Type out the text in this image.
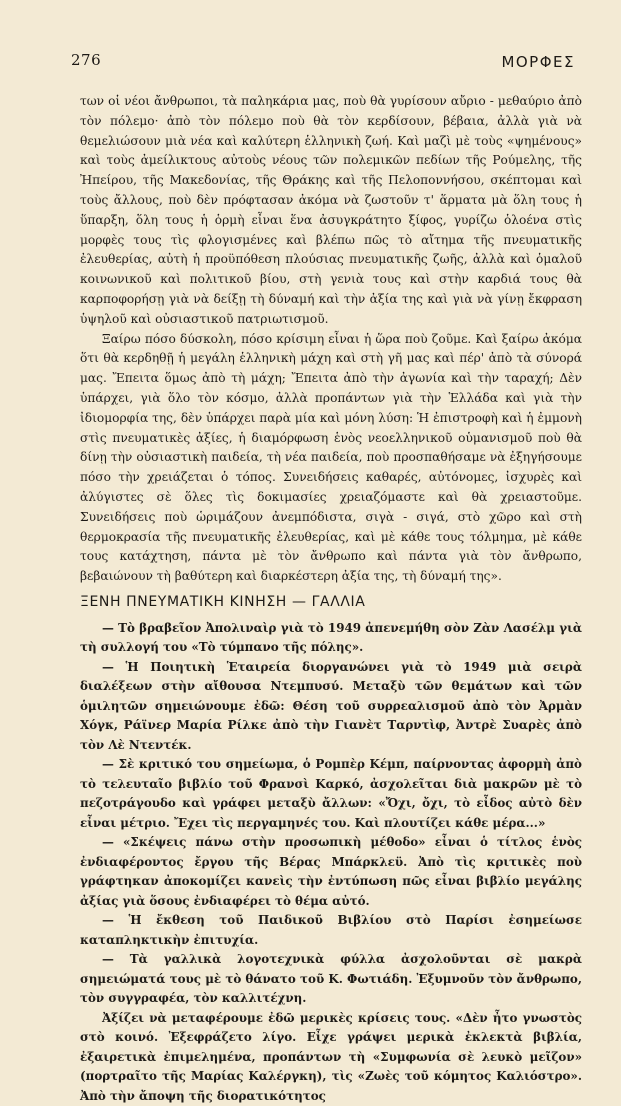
276	ΜΟΡΦΕΣ

των οἱ νέοι ἄνθρωποι, τὰ παληκάρια μας, ποὺ θὰ γυρίσουν αὔριο - μεθαύριο ἀπὸ τὸν πόλεμο· ἀπὸ τὸν πόλεμο ποὺ θὰ τὸν κερδίσουν, βέβαια, ἀλλὰ γιὰ νὰ θεμελιώσουν μιὰ νέα καὶ καλύτερη ἑλληνικὴ ζωή. Καὶ μαζὶ μὲ τοὺς «ψημένους» καὶ τοὺς ἀμείλικτους αὐτοὺς νέους τῶν πολεμικῶν πεδίων τῆς Ρούμελης, τῆς Ἠπείρου, τῆς Μακεδονίας, τῆς Θράκης καὶ τῆς Πελοποννήσου, σκέπτομαι καὶ τοὺς ἄλλους, ποὺ δὲν πρόφτασαν ἀκόμα νὰ ζωστοῦν τ' ἅρματα μὰ ὅλη τους ἡ ὕπαρξη, ὅλη τους ἡ ὁρμὴ εἶναι ἕνα ἀσυγκράτητο ξίφος, γυρίζω ὁλοένα στὶς μορφὲς τους τὶς φλογισμένες καὶ βλέπω πῶς τὸ αἴτημα τῆς πνευματικῆς ἐλευθερίας, αὐτὴ ἡ προϋπόθεση πλούσιας πνευματικῆς ζωῆς, ἀλλὰ καὶ ὁμαλοῦ κοινωνικοῦ καὶ πολιτικοῦ βίου, στὴ γενιὰ τους καὶ στὴν καρδιά τους θὰ καρποφορήσῃ γιὰ νὰ δείξῃ τὴ δύναμή καὶ τὴν ἀξία της καὶ γιὰ νὰ γίνῃ ἔκφραση ὑψηλοῦ καὶ οὐσιαστικοῦ πατριωτισμοῦ.

Ξαίρω πόσο δύσκολη, πόσο κρίσιμη εἶναι ἡ ὥρα ποὺ ζοῦμε. Καὶ ξαίρω ἀκόμα ὅτι θὰ κερδηθῇ ἡ μεγάλη ἑλληνικὴ μάχη καὶ στὴ γῆ μας καὶ πέρ' ἀπὸ τὰ σύνορά μας. Ἔπειτα ὅμως ἀπὸ τὴ μάχη; Ἔπειτα ἀπὸ τὴν ἀγωνία καὶ τὴν ταραχή; Δὲν ὑπάρχει, γιὰ ὅλο τὸν κόσμο, ἀλλὰ προπάντων γιὰ τὴν Ἑλλάδα καὶ γιὰ τὴν ἰδιομορφία της, δὲν ὑπάρχει παρὰ μία καὶ μόνη λύση: Ἡ ἐπιστροφὴ καὶ ἡ ἐμμονὴ στὶς πνευματικὲς ἀξίες, ἡ διαμόρφωση ἑνὸς νεοελληνικοῦ οὑμανισμοῦ ποὺ θὰ δίνῃ τὴν οὐσιαστικὴ παιδεία, τὴ νέα παιδεία, ποὺ προσπαθήσαμε νὰ ἐξηγήσουμε πόσο τὴν χρειάζεται ὁ τόπος. Συνειδήσεις καθαρές, αὐτόνομες, ἰσχυρὲς καὶ ἀλύγιστες σὲ ὅλες τὶς δοκιμασίες χρειαζόμαστε καὶ θὰ χρειαστοῦμε. Συνειδήσεις ποὺ ὡριμάζουν ἀνεμπόδιστα, σιγὰ - σιγά, στὸ χῶρο καὶ στὴ θερμοκρασία τῆς πνευματικῆς ἐλευθερίας, καὶ μὲ κάθε τους τόλμημα, μὲ κάθε τους κατάχτηση, πάντα μὲ τὸν ἄνθρωπο καὶ πάντα γιὰ τὸν ἄνθρωπο, βεβαιώνουν τὴ βαθύτερη καὶ διαρκέστερη ἀξία της, τὴ δύναμή της».

ΞΕΝΗ ΠΝΕΥΜΑΤΙΚΗ ΚΙΝΗΣΗ — ΓΑΛΛΙΑ

— Τὸ βραβεῖον Ἀπολιναὶρ γιὰ τὸ 1949 ἀπενεμήθη σὸν Ζὰν Λασέλμ γιὰ τὴ συλλογή του «Τὸ τύμπανο τῆς πόλης».

— Ἡ Ποιητικὴ Ἑταιρεία διοργανώνει γιὰ τὸ 1949 μιὰ σειρὰ διαλέξεων στὴν αἴθουσα Ντεμπυσύ. Μεταξὺ τῶν θεμάτων καὶ τῶν ὁμιλητῶν σημειώνουμε ἐδῶ: Θέση τοῦ συρρεαλισμοῦ ἀπὸ τὸν Ἀρμὰν Χόγκ, Ράϊνερ Μαρία Ρίλκε ἀπὸ τὴν Γιανὲτ Ταρντὶφ, Ἀντρὲ Συαρὲς ἀπὸ τὸν Λὲ Ντεντέκ.

— Σὲ κριτικό του σημείωμα, ὁ Ρομπὲρ Κέμπ, παίρνοντας ἀφορμὴ ἀπὸ τὸ τελευταῖο βιβλίο τοῦ Φρανσὶ Καρκό, ἀσχολεῖται διὰ μακρῶν μὲ τὸ πεζοτράγουδο καὶ γράφει μεταξὺ ἄλλων: «Ὄχι, ὄχι, τὸ εἶδος αὐτὸ δὲν εἶναι μέτριο. Ἔχει τὶς περγαμηνές του. Καὶ πλουτίζει κάθε μέρα...»

— «Σκέψεις πάνω στὴν προσωπικὴ μέθοδο» εἶναι ὁ τίτλος ἑνὸς ἐνδιαφέροντος ἔργου τῆς Βέρας Μπάρκλεϋ. Ἀπὸ τὶς κριτικὲς ποὺ γράφτηκαν ἀποκομίζει κανεὶς τὴν ἐντύπωση πῶς εἶναι βιβλίο μεγάλης ἀξίας γιὰ ὅσους ἐνδιαφέρει τὸ θέμα αὐτό.

— Ἡ ἔκθεση τοῦ Παιδικοῦ Βιβλίου στὸ Παρίσι ἐσημείωσε καταπληκτικὴν ἐπιτυχία.

— Τὰ γαλλικὰ λογοτεχνικὰ φύλλα ἀσχολοῦνται σὲ μακρὰ σημειώματά τους μὲ τὸ θάνατο τοῦ Κ. Φωτιάδη. Ἐξυμνοῦν τὸν ἄνθρωπο, τὸν συγγραφέα, τὸν καλλιτέχνη.

Ἀξίζει νὰ μεταφέρουμε ἐδῶ μερικὲς κρίσεις τους. «Δὲν ἦτο γνωστὸς στὸ κοινό. Ἐξεφράζετο λίγο. Εἶχε γράψει μερικὰ ἐκλεκτὰ βιβλία, ἐξαιρετικὰ ἐπιμελημένα, προπάντων τὴ «Συμφωνία σὲ λευκὸ μεῖζον» (πορτραῖτο τῆς Μαρίας Καλέργκη), τὶς «Ζωὲς τοῦ κόμητος Καλιόστρο». Ἀπὸ τὴν ἄποψη τῆς διορατικότητος
